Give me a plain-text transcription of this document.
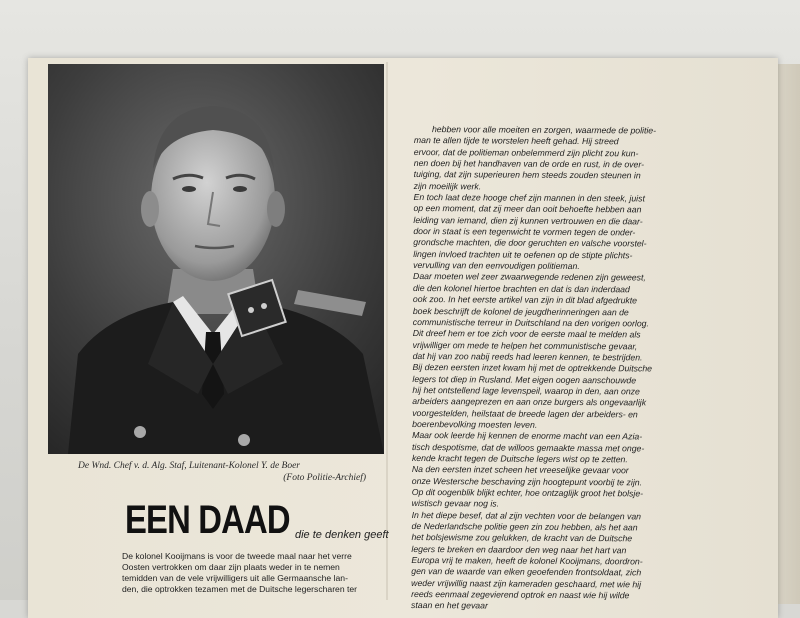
De Wnd. Chef v. d. Alg. Staf, Luitenant-Kolonel Y. de Boer
(Foto Politie-Archief)
EEN DAAD die te denken geeft
De kolonel Kooijmans is voor de tweede maal naar het verre
Oosten vertrokken om daar zijn plaats weder in te nemen
temidden van de vele vrijwilligers uit alle Germaansche lan-
den, die optrokken tezamen met de Duitsche legerscharen ter
hebben voor alle moeiten en zorgen, waarmede de politie-
man te allen tijde te worstelen heeft gehad. Hij streed
ervoor, dat de politieman onbelemmerd zijn plicht zou kun-
nen doen bij het handhaven van de orde en rust, in de over-
tuiging, dat zijn superieuren hem steeds zouden steunen in
zijn moeilijk werk.
En toch laat deze hooge chef zijn mannen in den steek, juist
op een moment, dat zij meer dan ooit behoefte hebben aan
leiding van iemand, dien zij kunnen vertrouwen en die daar-
door in staat is een tegenwicht te vormen tegen de onder-
grondsche machten, die door geruchten en valsche voorstel-
lingen invloed trachten uit te oefenen op de stipte plichts-
vervulling van den eenvoudigen politieman.
Daar moeten wel zeer zwaarwegende redenen zijn geweest,
die den kolonel hiertoe brachten en dat is dan inderdaad
ook zoo. In het eerste artikel van zijn in dit blad afgedrukte
boek beschrijft de kolonel de jeugdherinneringen aan de
communistische terreur in Duitschland na den vorigen oorlog.
Dit dreef hem er toe zich voor de eerste maal te melden als
vrijwilliger om mede te helpen het communistische gevaar,
dat hij van zoo nabij reeds had leeren kennen, te bestrijden.
Bij dezen eersten inzet kwam hij met de optrekkende Duitsche
legers tot diep in Rusland. Met eigen oogen aanschouwde
hij het ontstellend lage levenspeil, waarop in den, aan onze
arbeiders aangeprezen en aan onze burgers als ongevaarlijk
voorgestelden, heilstaat de breede lagen der arbeiders- en
boerenbevolking moesten leven.
Maar ook leerde hij kennen de enorme macht van een Azia-
tisch despotisme, dat de willoos gemaakte massa met onge-
kende kracht tegen de Duitsche legers wist op te zetten.
Na den eersten inzet scheen het vreeselijke gevaar voor
onze Westersche beschaving zijn hoogtepunt voorbij te zijn.
Op dit oogenblik blijkt echter, hoe ontzaglijk groot het bolsje-
wistisch gevaar nog is.
In het diepe besef, dat al zijn vechten voor de belangen van
de Nederlandsche politie geen zin zou hebben, als het aan
het bolsjewisme zou gelukken, de kracht van de Duitsche
legers te breken en daardoor den weg naar het hart van
Europa vrij te maken, heeft de kolonel Kooijmans, doordron-
gen van de waarde van elken geoefenden frontsoldaat, zich
weder vrijwillig naast zijn kameraden geschaard, met wie hij
reeds eenmaal zegevierend optrok en naast wie hij wilde
staan en het gevaar
